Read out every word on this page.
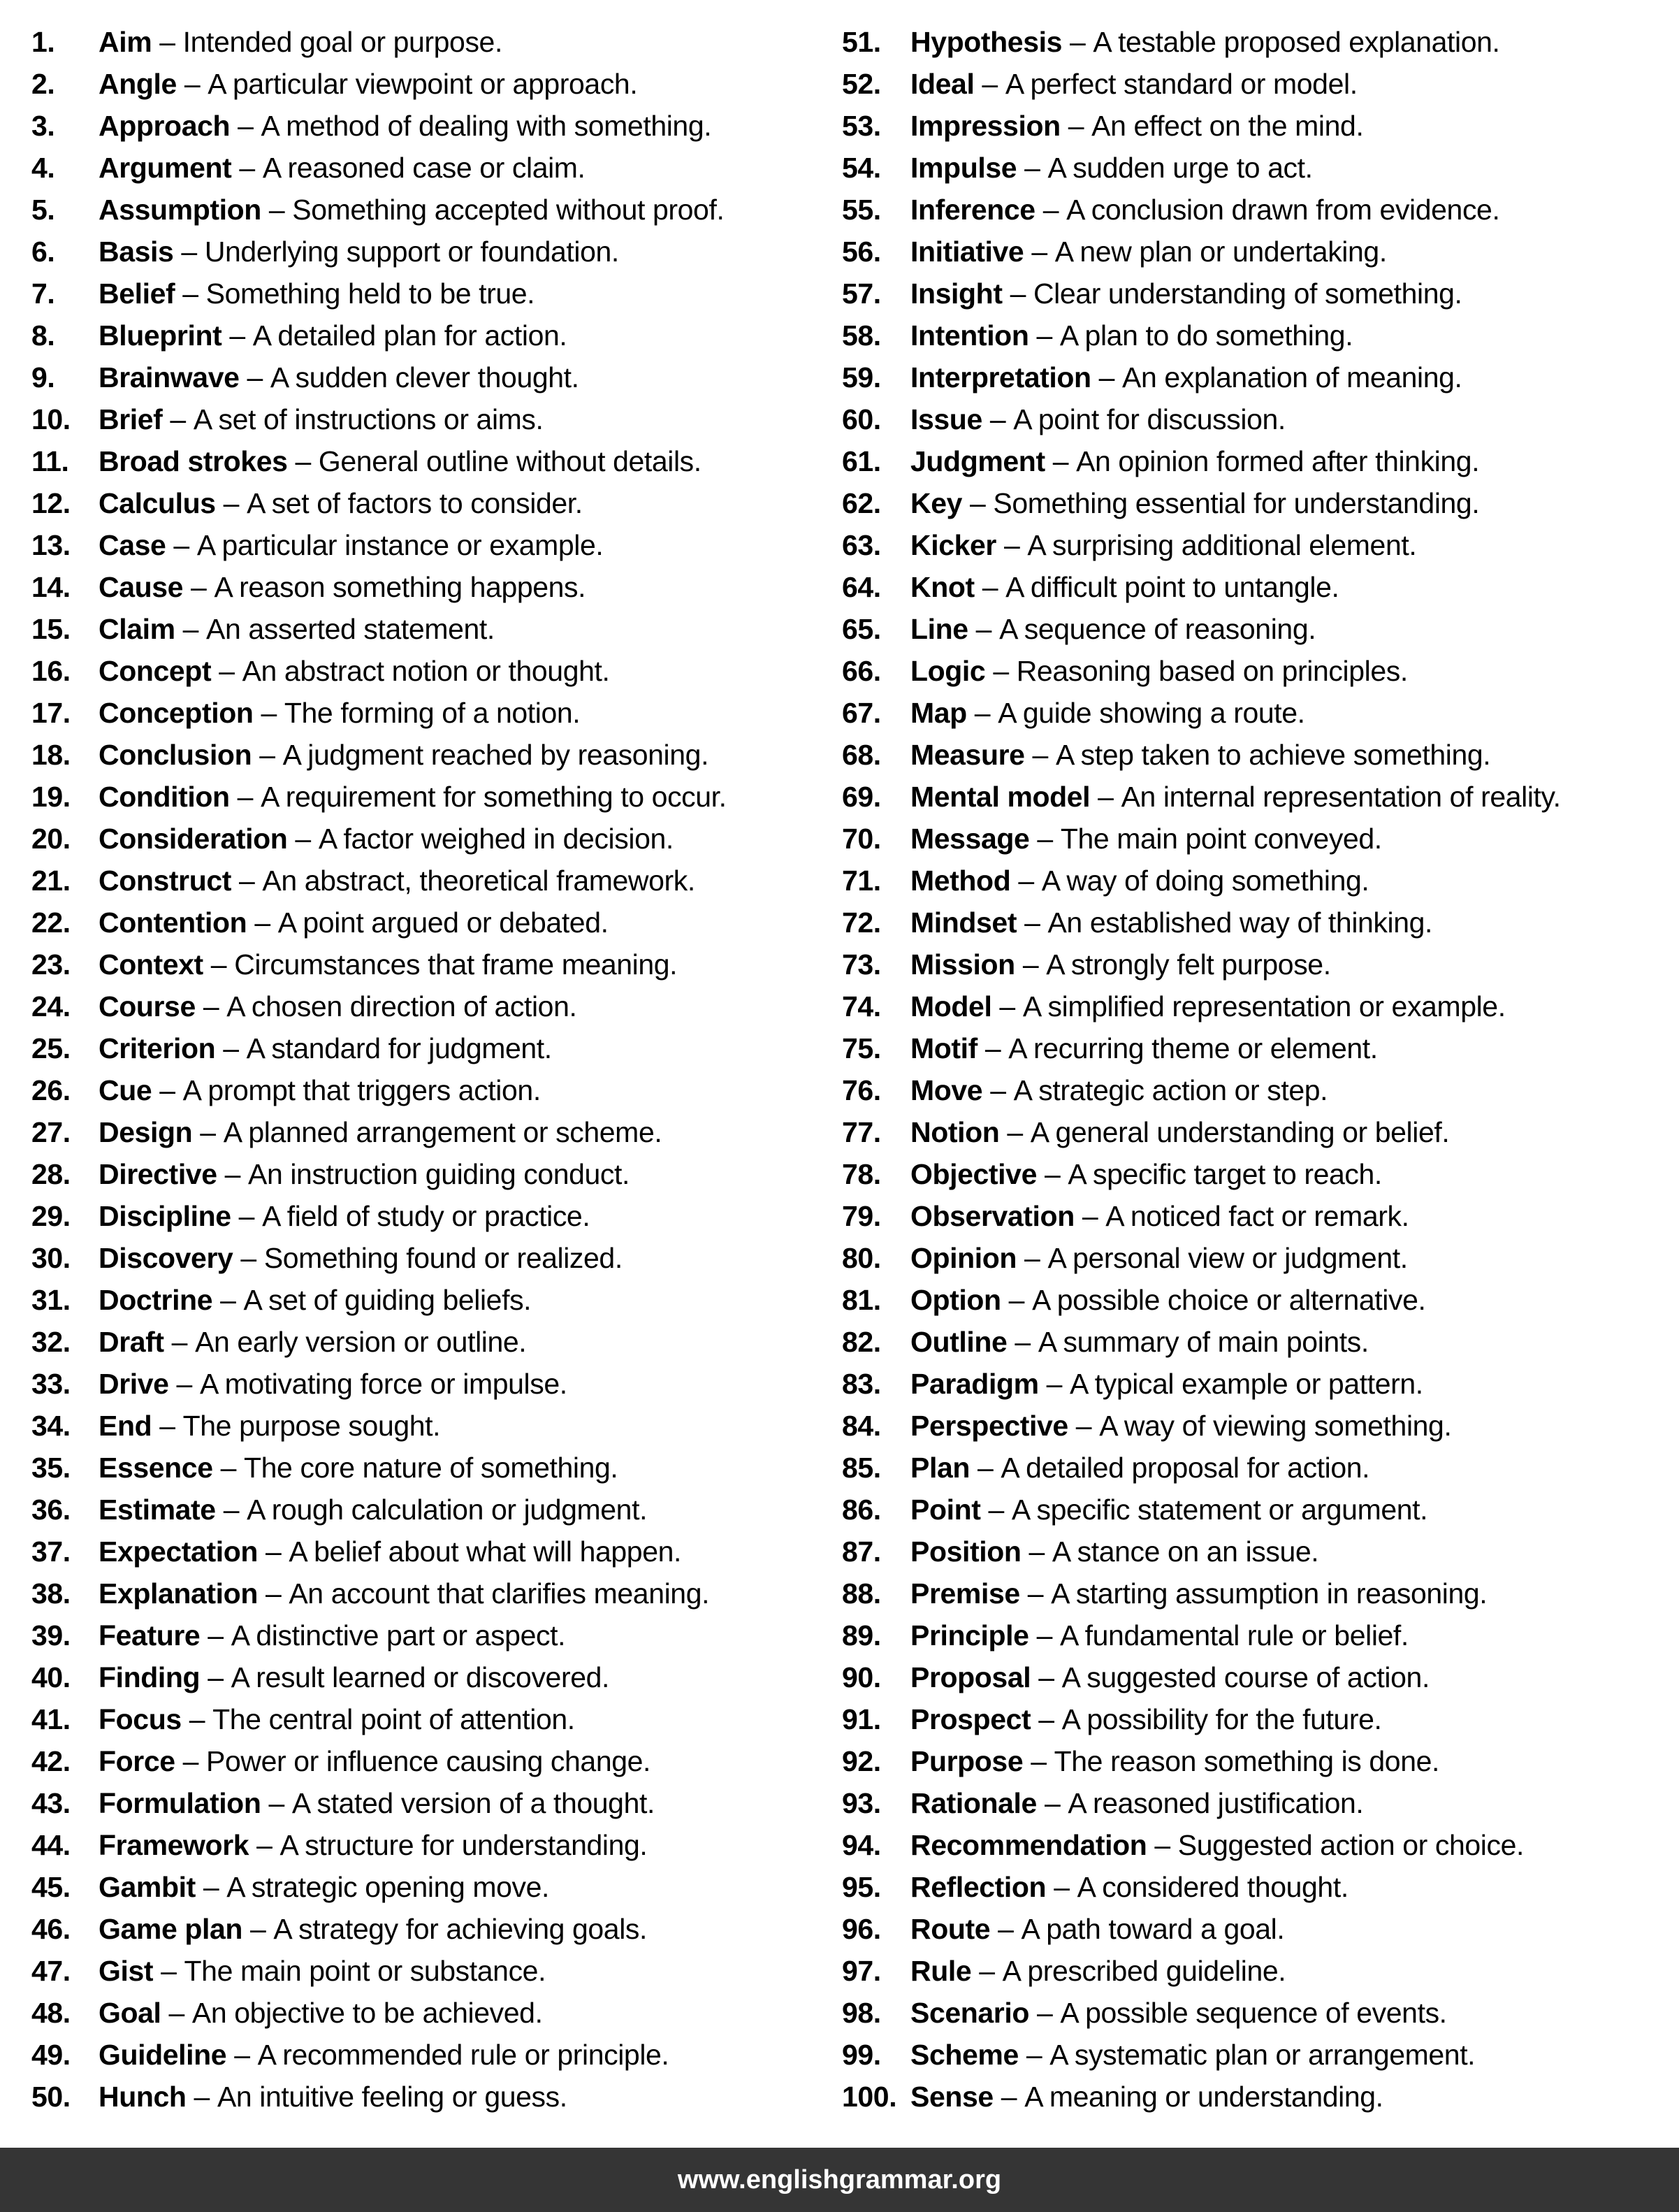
1.	Aim – Intended goal or purpose.
2.	Angle – A particular viewpoint or approach.
3.	Approach – A method of dealing with something.
4.	Argument – A reasoned case or claim.
5.	Assumption – Something accepted without proof.
6.	Basis – Underlying support or foundation.
7.	Belief – Something held to be true.
8.	Blueprint – A detailed plan for action.
9.	Brainwave – A sudden clever thought.
10. Brief – A set of instructions or aims.
11.	Broad strokes – General outline without details.
12. Calculus – A set of factors to consider.
13. Case – A particular instance or example.
14. Cause – A reason something happens.
15. Claim – An asserted statement.
16. Concept – An abstract notion or thought.
17. Conception – The forming of a notion.
18. Conclusion – A judgment reached by reasoning.
19. Condition – A requirement for something to occur.
20. Consideration – A factor weighed in decision.
21. Construct – An abstract, theoretical framework.
22. Contention – A point argued or debated.
23. Context – Circumstances that frame meaning.
24. Course – A chosen direction of action.
25. Criterion – A standard for judgment.
26. Cue – A prompt that triggers action.
27. Design – A planned arrangement or scheme.
28. Directive – An instruction guiding conduct.
29. Discipline – A field of study or practice.
30. Discovery – Something found or realized.
31. Doctrine – A set of guiding beliefs.
32. Draft – An early version or outline.
33. Drive – A motivating force or impulse.
34. End – The purpose sought.
35. Essence – The core nature of something.
36. Estimate – A rough calculation or judgment.
37. Expectation – A belief about what will happen.
38. Explanation – An account that clarifies meaning.
39. Feature – A distinctive part or aspect.
40. Finding – A result learned or discovered.
41. Focus – The central point of attention.
42. Force – Power or influence causing change.
43. Formulation – A stated version of a thought.
44. Framework – A structure for understanding.
45. Gambit – A strategic opening move.
46. Game plan – A strategy for achieving goals.
47. Gist – The main point or substance.
48. Goal – An objective to be achieved.
49. Guideline – A recommended rule or principle.
50. Hunch – An intuitive feeling or guess.
51.	Hypothesis – A testable proposed explanation.
52.	Ideal – A perfect standard or model.
53.	Impression – An effect on the mind.
54.	Impulse – A sudden urge to act.
55.	Inference – A conclusion drawn from evidence.
56.	Initiative – A new plan or undertaking.
57.	Insight – Clear understanding of something.
58.	Intention – A plan to do something.
59.	Interpretation – An explanation of meaning.
60.	Issue – A point for discussion.
61.	Judgment – An opinion formed after thinking.
62.	Key – Something essential for understanding.
63.	Kicker – A surprising additional element.
64.	Knot – A difficult point to untangle.
65.	Line – A sequence of reasoning.
66.	Logic – Reasoning based on principles.
67.	Map – A guide showing a route.
68.	Measure – A step taken to achieve something.
69.	Mental model – An internal representation of reality.
70.	Message – The main point conveyed.
71.	Method – A way of doing something.
72.	Mindset – An established way of thinking.
73.	Mission – A strongly felt purpose.
74.	Model – A simplified representation or example.
75.	Motif – A recurring theme or element.
76.	Move – A strategic action or step.
77.	Notion – A general understanding or belief.
78.	Objective – A specific target to reach.
79.	Observation – A noticed fact or remark.
80.	Opinion – A personal view or judgment.
81.	Option – A possible choice or alternative.
82.	Outline – A summary of main points.
83.	Paradigm – A typical example or pattern.
84.	Perspective – A way of viewing something.
85.	Plan – A detailed proposal for action.
86.	Point – A specific statement or argument.
87.	Position – A stance on an issue.
88.	Premise – A starting assumption in reasoning.
89.	Principle – A fundamental rule or belief.
90.	Proposal – A suggested course of action.
91.	Prospect – A possibility for the future.
92.	Purpose – The reason something is done.
93.	Rationale – A reasoned justification.
94.	Recommendation – Suggested action or choice.
95.	Reflection – A considered thought.
96.	Route – A path toward a goal.
97.	Rule – A prescribed guideline.
98.	Scenario – A possible sequence of events.
99.	Scheme – A systematic plan or arrangement.
100. Sense – A meaning or understanding.
www.englishgrammar.org
